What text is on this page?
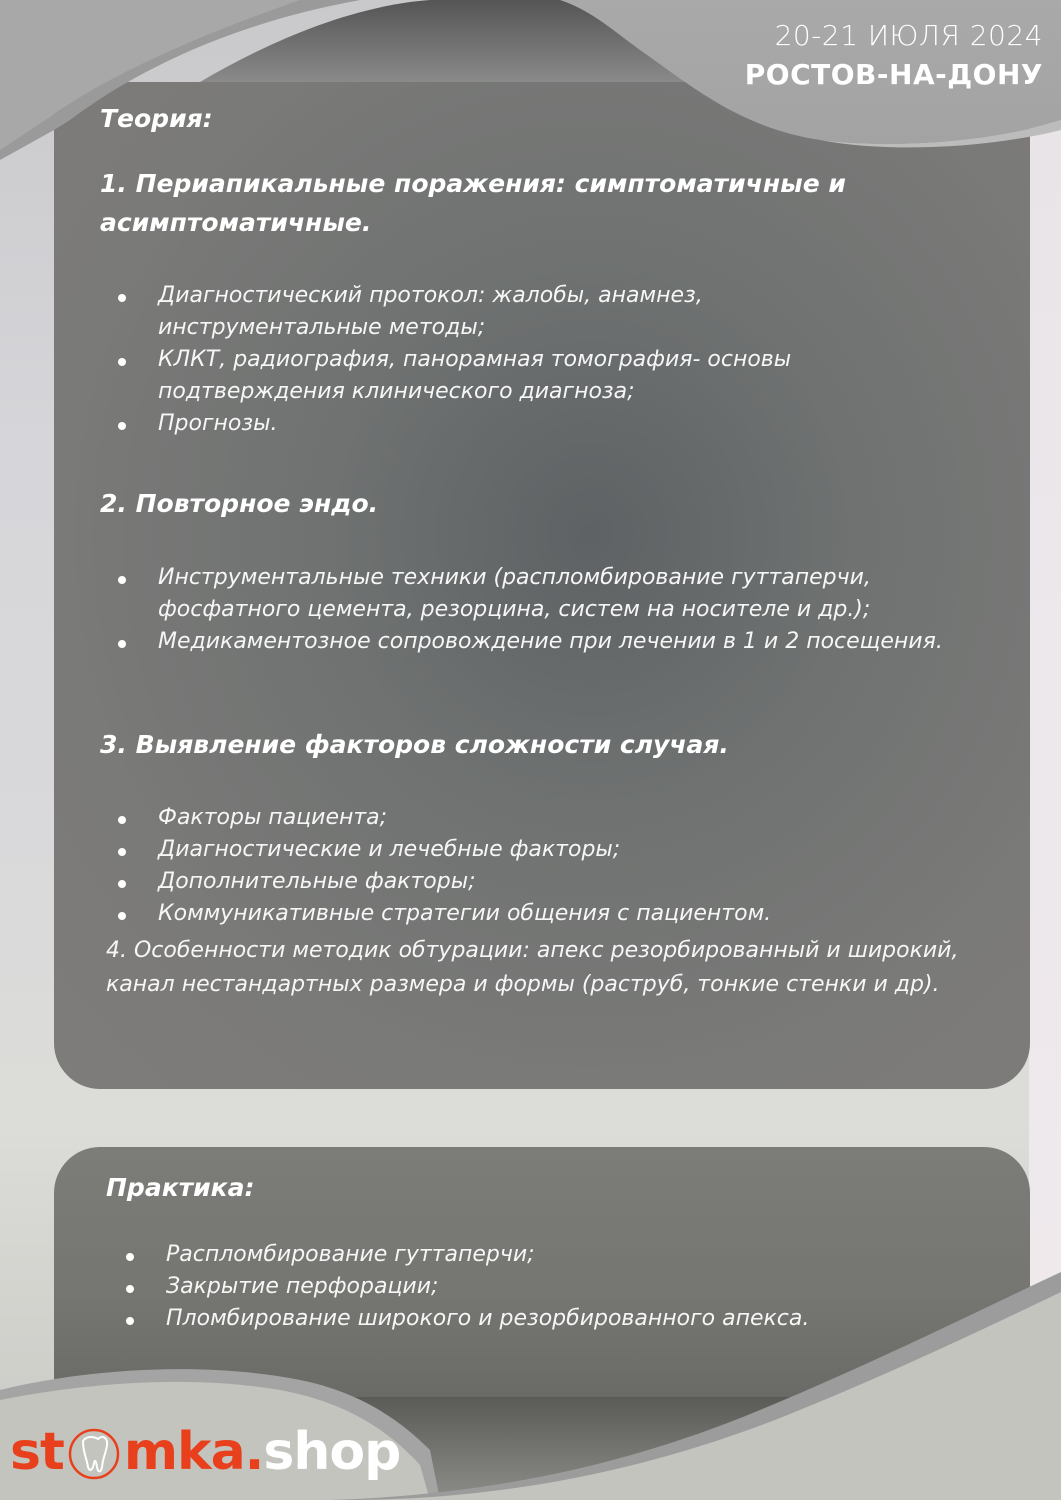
20-21 ИЮЛЯ 2024
РОСТОВ-НА-ДОНУ
Теория:
1. Периапикальные поражения: симптоматичные и
асимптоматичные.
Диагностический протокол: жалобы, анамнез, инструментальные методы;
КЛКТ, радиография, панорамная томография- основы подтверждения клинического диагноза;
Прогнозы.
2. Повторное эндо.
Инструментальные техники (распломбирование гуттаперчи, фосфатного цемента, резорцина, систем на носителе и др.);
Медикаментозное сопровождение при лечении в 1 и 2 посещения.
3. Выявление факторов сложности случая.
Факторы пациента;
Диагностические и лечебные факторы;
Дополнительные факторы;
Коммуникативные стратегии общения с пациентом.
4. Особенности методик обтурации: апекс резорбированный и широкий, канал нестандартных размера и формы (раструб, тонкие стенки и др).
Практика:
Распломбирование гуттаперчи;
Закрытие перфорации;
Пломбирование широкого и резорбированного апекса.
st mka. shop
